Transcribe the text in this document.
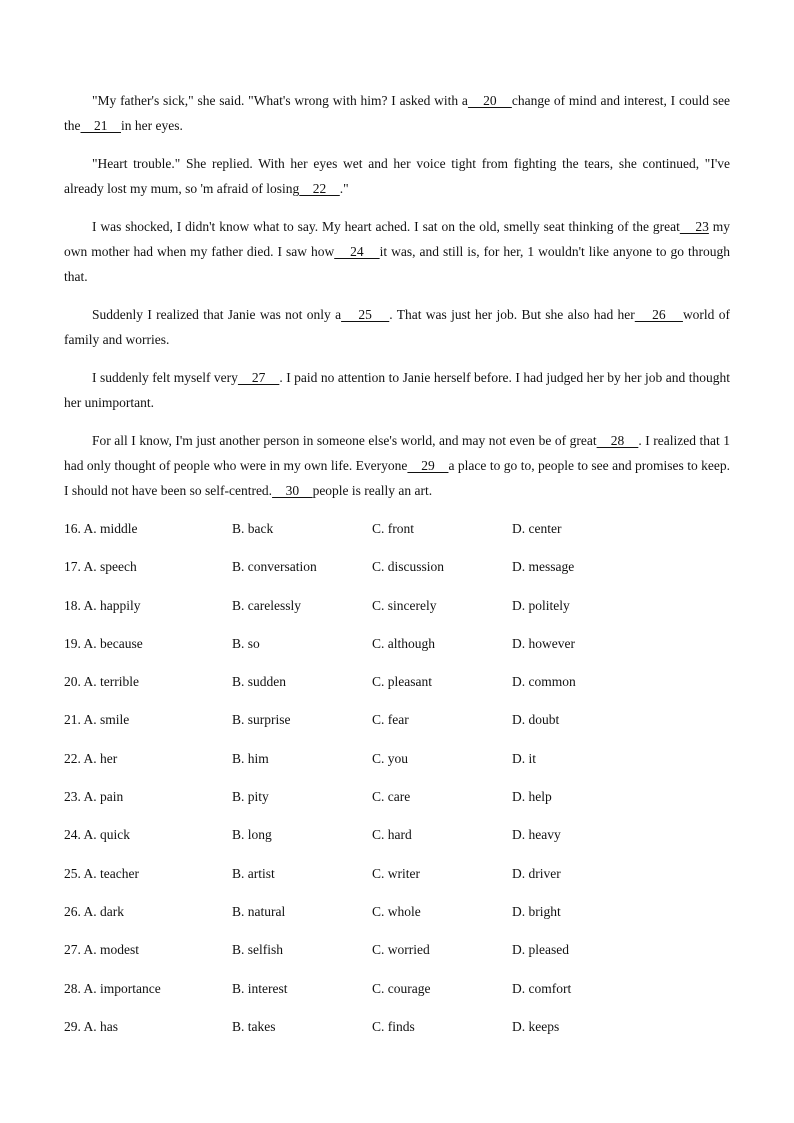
"My father's sick," she said. "What's wrong with him? I asked with a    20    change of mind and interest, I could see the    21    in her eyes.

"Heart trouble." She replied. With her eyes wet and her voice tight from fighting the tears, she continued, "I've already lost my mum, so 'm afraid of losing    22    ."

I was shocked, I didn't know what to say. My heart ached. I sat on the old, smelly seat thinking of the great    23 my own mother had when my father died. I saw how    24    it was, and still is, for her, 1 wouldn't like anyone to go through that.

Suddenly I realized that Janie was not only a    25    . That was just her job. But she also had her    26    world of family and worries.

I suddenly felt myself very    27    . I paid no attention to Janie herself before. I had judged her by her job and thought her unimportant.

For all I know, I'm just another person in someone else's world, and may not even be of great    28    . I realized that 1 had only thought of people who were in my own life. Everyone    29    a place to go to, people to see and promises to keep. I should not have been so self-centred.    30    people is really an art.

16. A. middle	B. back	C. front	D. center
17. A. speech	B. conversation	C. discussion	D. message
18. A. happily	B. carelessly	C. sincerely	D. politely
19. A. because	B. so	C. although	D. however
20. A. terrible	B. sudden	C. pleasant	D. common
21. A. smile	B. surprise	C. fear	D. doubt
22. A. her	B. him	C. you	D. it
23. A. pain	B. pity	C. care	D. help
24. A. quick	B. long	C. hard	D. heavy
25. A. teacher	B. artist	C. writer	D. driver
26. A. dark	B. natural	C. whole	D. bright
27. A. modest	B. selfish	C. worried	D. pleased
28. A. importance	B. interest	C. courage	D. comfort
29. A. has	B. takes	C. finds	D. keeps
